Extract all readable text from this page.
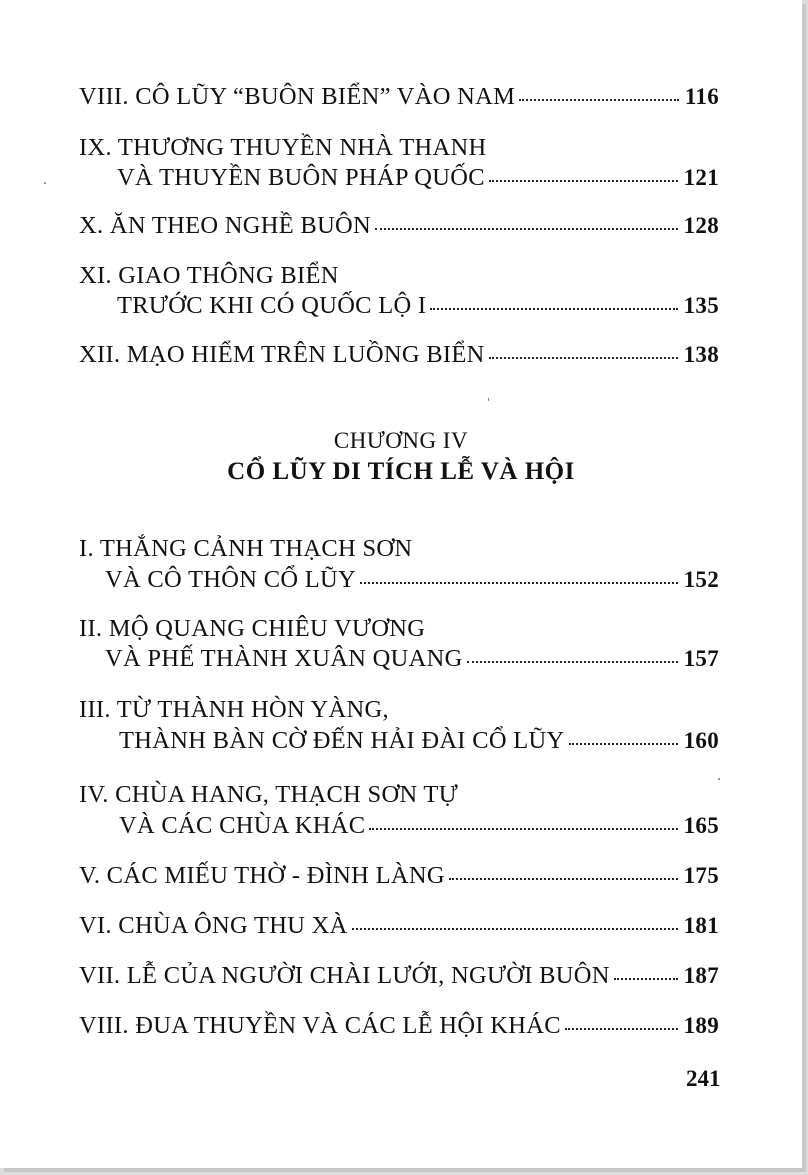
VIII. CÔ LŨY “BUÔN BIỂN” VÀO NAM	116
IX. THƯƠNG THUYỀN NHÀ THANH
VÀ THUYỀN BUÔN PHÁP QUỐC	121
X. ĂN THEO NGHỀ BUÔN	128
XI. GIAO THÔNG BIỂN
TRƯỚC KHI CÓ QUỐC LỘ I	135
XII. MẠO HIỂM TRÊN LUỒNG BIỂN	138
CHƯƠNG IV
CỔ LŨY DI TÍCH LỄ VÀ HỘI
I. THẮNG CẢNH THẠCH SƠN
VÀ CÔ THÔN CỔ LŨY	152
II. MỘ QUANG CHIÊU VƯƠNG
VÀ PHẾ THÀNH XUÂN QUANG	157
III. TỪ THÀNH HÒN YÀNG,
THÀNH BÀN CỜ ĐẾN HẢI ĐÀI CỔ LŨY	160
IV. CHÙA HANG, THẠCH SƠN TỰ
VÀ CÁC CHÙA KHÁC	165
V. CÁC MIẾU THỜ - ĐÌNH LÀNG	175
VI. CHÙA ÔNG THU XÀ	181
VII. LỄ CỦA NGƯỜI CHÀI LƯỚI, NGƯỜI BUÔN	187
VIII. ĐUA THUYỀN VÀ CÁC LỄ HỘI KHÁC	189
241
